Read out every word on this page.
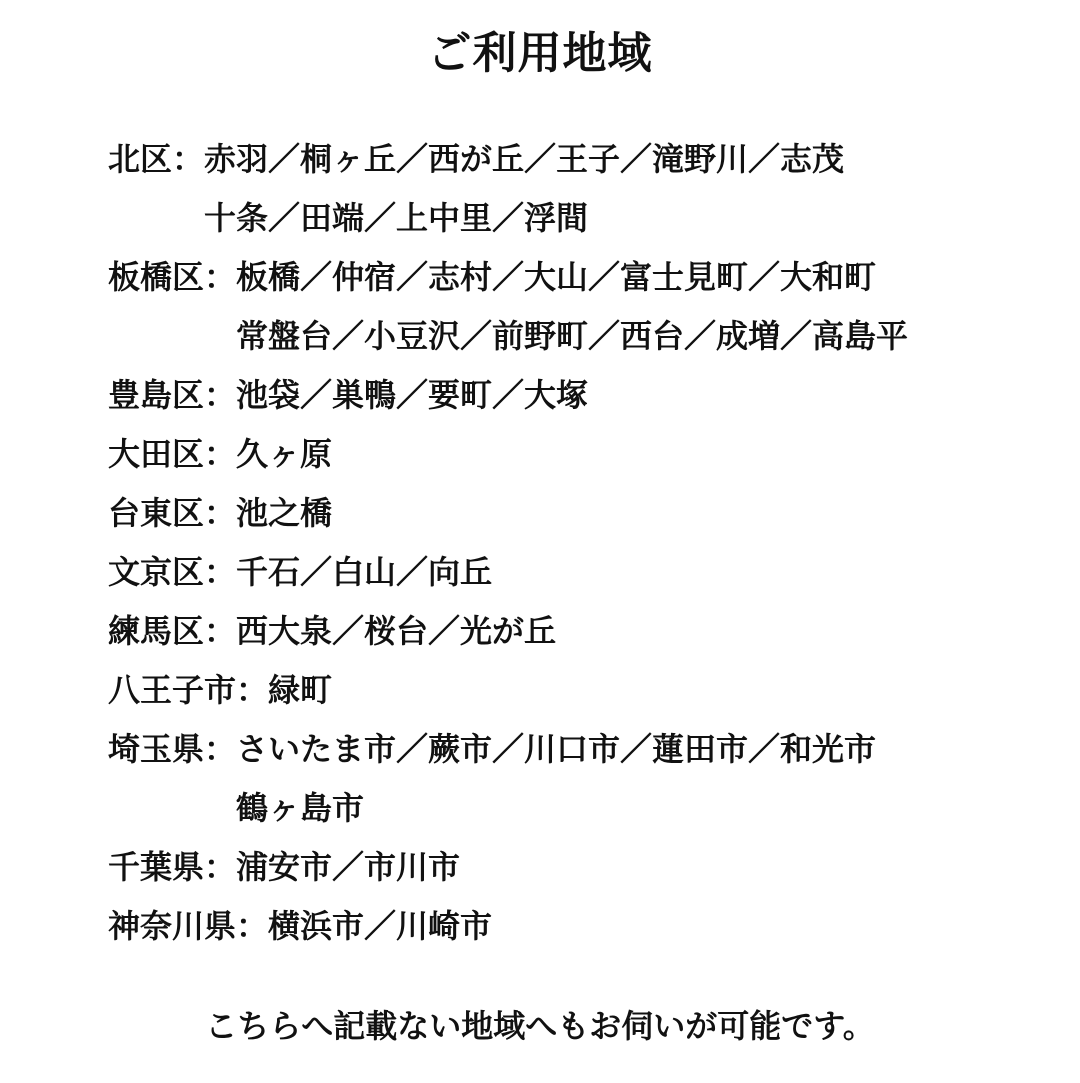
ご利用地域
北区： 赤羽／桐ヶ丘／西が丘／王子／滝野川／志茂
十条／田端／上中里／浮間
板橋区： 板橋／仲宿／志村／大山／富士見町／大和町
常盤台／小豆沢／前野町／西台／成増／高島平
豊島区： 池袋／巣鴨／要町／大塚
大田区： 久ヶ原
台東区： 池之橋
文京区： 千石／白山／向丘
練馬区： 西大泉／桜台／光が丘
八王子市： 緑町
埼玉県： さいたま市／蕨市／川口市／蓮田市／和光市
鶴ヶ島市
千葉県： 浦安市／市川市
神奈川県： 横浜市／川崎市
こちらへ記載ない地域へもお伺いが可能です。
